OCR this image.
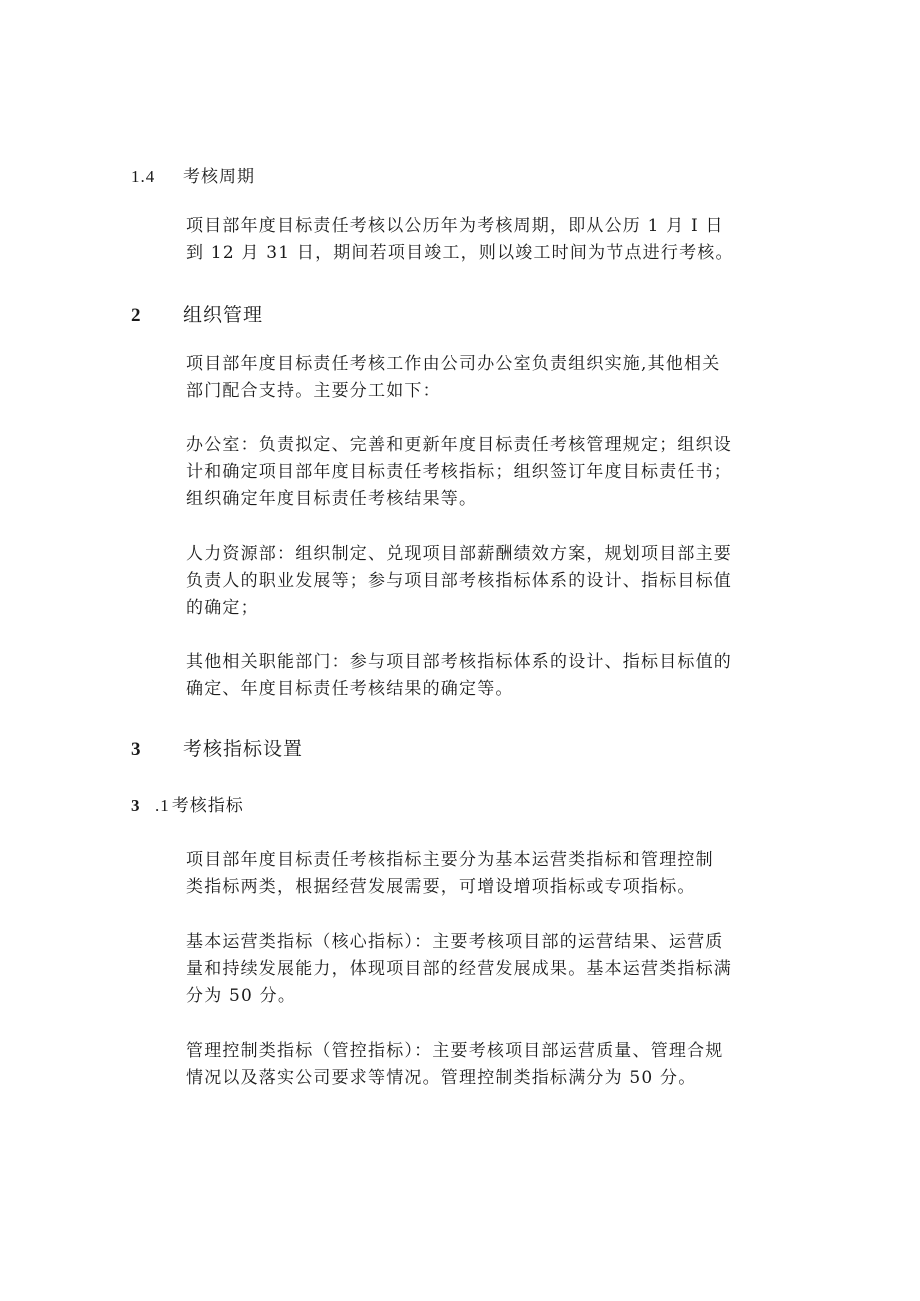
1.4 考核周期

项目部年度目标责任考核以公历年为考核周期，即从公历 1 月 I 日

到 12 月 31 日，期间若项目竣工，则以竣工时间为节点进行考核。

2 组织管理

项目部年度目标责任考核工作由公司办公室负责组织实施,其他相关

部门配合支持。主要分工如下：

办公室：负责拟定、完善和更新年度目标责任考核管理规定；组织设

计和确定项目部年度目标责任考核指标；组织签订年度目标责任书；

组织确定年度目标责任考核结果等。

人力资源部：组织制定、兑现项目部薪酬绩效方案，规划项目部主要

负责人的职业发展等；参与项目部考核指标体系的设计、指标目标值

的确定；

其他相关职能部门：参与项目部考核指标体系的设计、指标目标值的

确定、年度目标责任考核结果的确定等。

3 考核指标设置
3 .1 考核指标

项目部年度目标责任考核指标主要分为基本运营类指标和管理控制

类指标两类，根据经营发展需要，可增设增项指标或专项指标。

基本运营类指标（核心指标）：主要考核项目部的运营结果、运营质

量和持续发展能力，体现项目部的经营发展成果。基本运营类指标满

分为 50 分。

管理控制类指标（管控指标）：主要考核项目部运营质量、管理合规

情况以及落实公司要求等情况。管理控制类指标满分为 50 分。
